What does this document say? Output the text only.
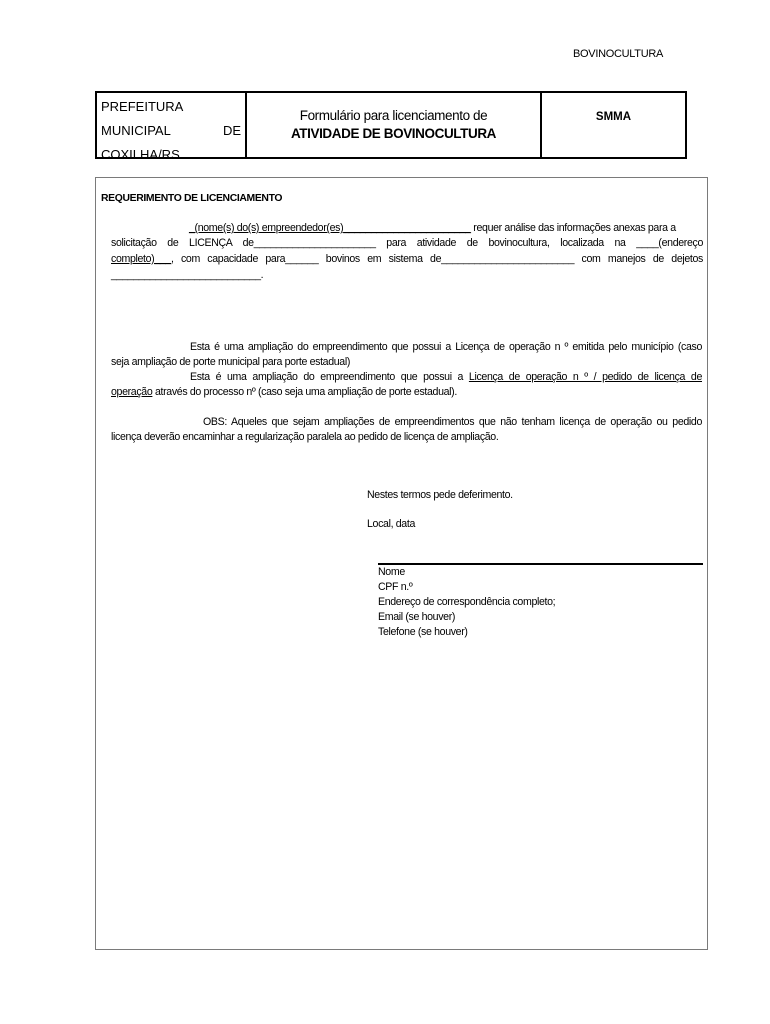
BOVINOCULTURA
PREFEITURA
MUNICIPAL	DE
COXILHA/RS
Formulário para licenciamento de
ATIVIDADE DE BOVINOCULTURA
SMMA
REQUERIMENTO DE LICENCIAMENTO
_(nome(s) do(s) empreendedor(es)_______________________ requer análise das informações anexas para a
solicitação de LICENÇA de______________________ para atividade de bovinocultura, localizada na ____(endereço
completo)___, com capacidade para______ bovinos em sistema de________________________ com manejos de dejetos
___________________________.
Esta é uma ampliação do empreendimento que possui a Licença de operação n º emitida pelo município (caso
seja ampliação de porte municipal para porte estadual)
Esta é uma ampliação do empreendimento que possui a Licença de operação n º / pedido de licença de
operação através do processo nº (caso seja uma ampliação de porte estadual).
OBS: Aqueles que sejam ampliações de empreendimentos que não tenham licença de operação ou pedido
licença deverão encaminhar a regularização paralela ao pedido de licença de ampliação.
Nestes termos pede deferimento.
Local, data
Nome
CPF n.º
Endereço de correspondência completo;
Email (se houver)
Telefone (se houver)
